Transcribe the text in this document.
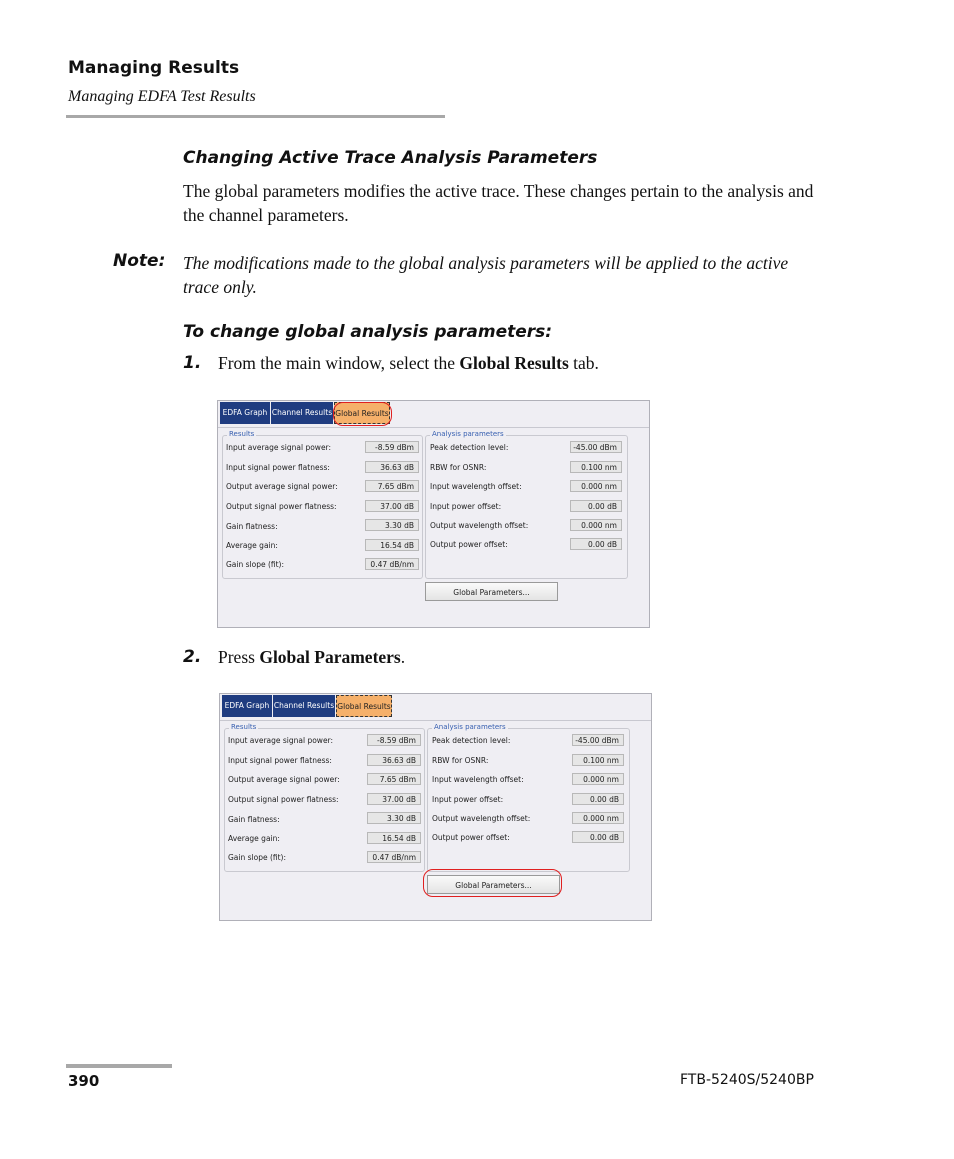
Managing Results
Managing EDFA Test Results
Changing Active Trace Analysis Parameters
The global parameters modifies the active trace. These changes pertain to the analysis and the channel parameters.
Note: The modifications made to the global analysis parameters will be applied to the active trace only.
To change global analysis parameters:
1. From the main window, select the Global Results tab.
EDFA Graph Channel Results Global Results
Results
Input average signal power:	-8.59 dBm
Input signal power flatness:	36.63 dB
Output average signal power:	7.65 dBm
Output signal power flatness:	37.00 dB
Gain flatness:	3.30 dB
Average gain:	16.54 dB
Gain slope (fit):	0.47 dB/nm
Analysis parameters
Peak detection level:	-45.00 dBm
RBW for OSNR:	0.100 nm
Input wavelength offset:	0.000 nm
Input power offset:	0.00 dB
Output wavelength offset:	0.000 nm
Output power offset:	0.00 dB
Global Parameters...
2. Press Global Parameters.
EDFA Graph Channel Results Global Results
Results
Input average signal power:	-8.59 dBm
Input signal power flatness:	36.63 dB
Output average signal power:	7.65 dBm
Output signal power flatness:	37.00 dB
Gain flatness:	3.30 dB
Average gain:	16.54 dB
Gain slope (fit):	0.47 dB/nm
Analysis parameters
Peak detection level:	-45.00 dBm
RBW for OSNR:	0.100 nm
Input wavelength offset:	0.000 nm
Input power offset:	0.00 dB
Output wavelength offset:	0.000 nm
Output power offset:	0.00 dB
Global Parameters...
390	FTB-5240S/5240BP
